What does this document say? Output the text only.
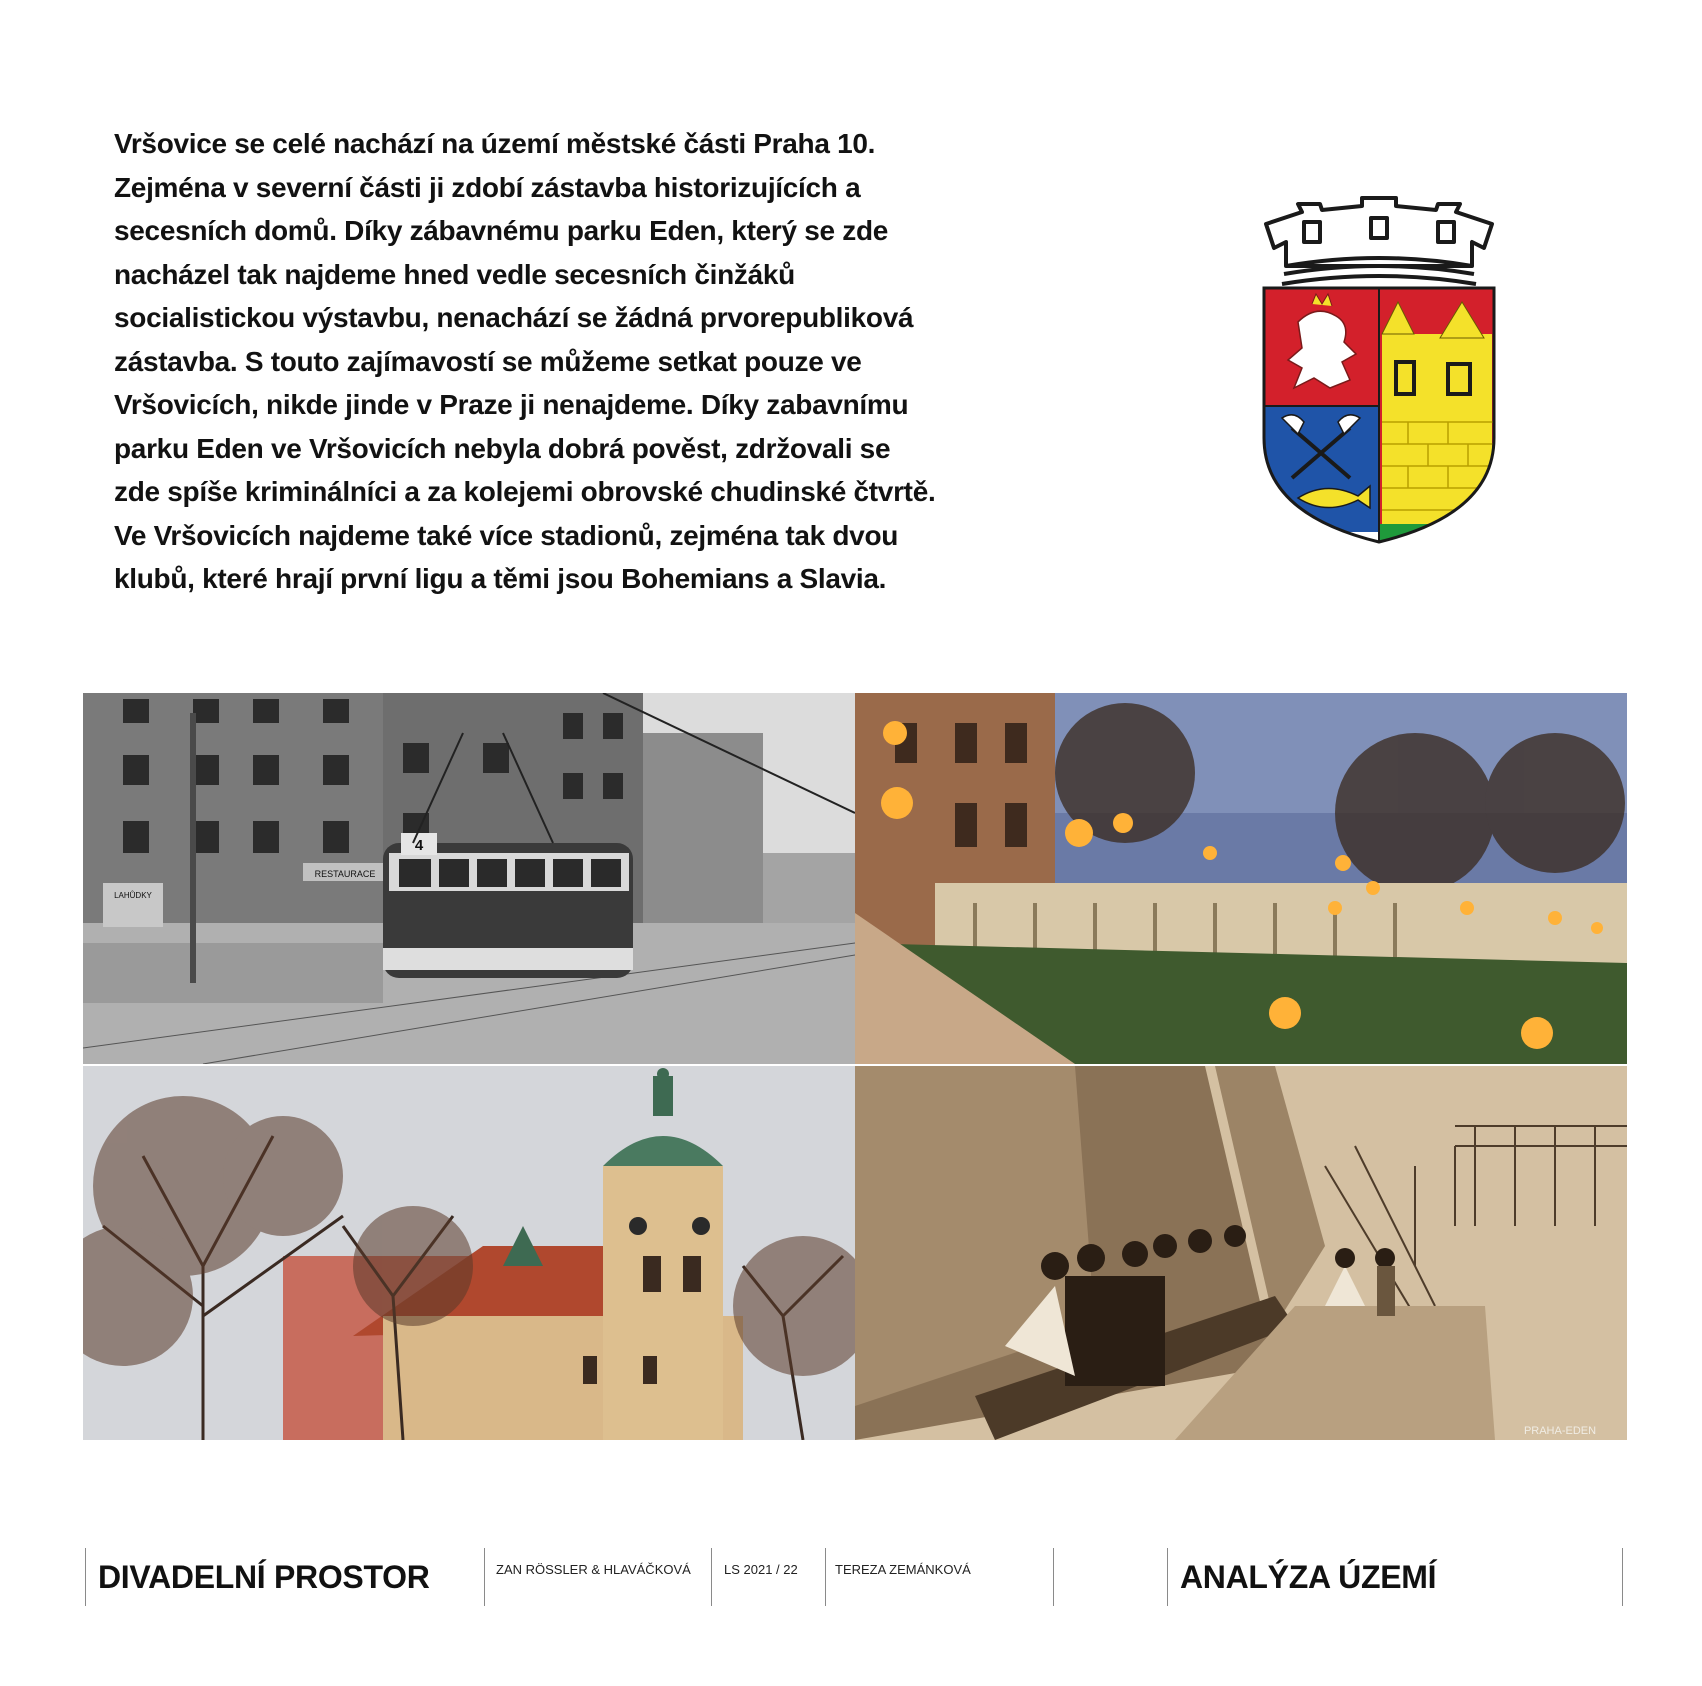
Vršovice se celé nachází na území městské části Praha 10.
Zejména v severní části ji zdobí zástavba historizujících a
secesních domů. Díky zábavnému parku Eden, který se zde
nacházel tak najdeme hned vedle secesních činžáků
socialistickou výstavbu, nenachází se žádná prvorepubliková
zástavba. S touto zajímavostí se můžeme setkat pouze ve
Vršovicích, nikde jinde v Praze ji nenajdeme. Díky zabavnímu
parku Eden ve Vršovicích nebyla dobrá pověst, zdržovali se
zde spíše kriminálníci a za kolejemi obrovské chudinské čtvrtě.
Ve Vršovicích najdeme také více stadionů, zejména tak dvou
klubů, které hrají první ligu a těmi jsou Bohemians a Slavia.
4
RESTAURACE
LAHŮDKY
PRAHA-EDEN
DIVADELNÍ PROSTOR	ZAN RÖSSLER & HLAVÁČKOVÁ	LS 2021 / 22	TEREZA ZEMÁNKOVÁ	ANALÝZA ÚZEMÍ
